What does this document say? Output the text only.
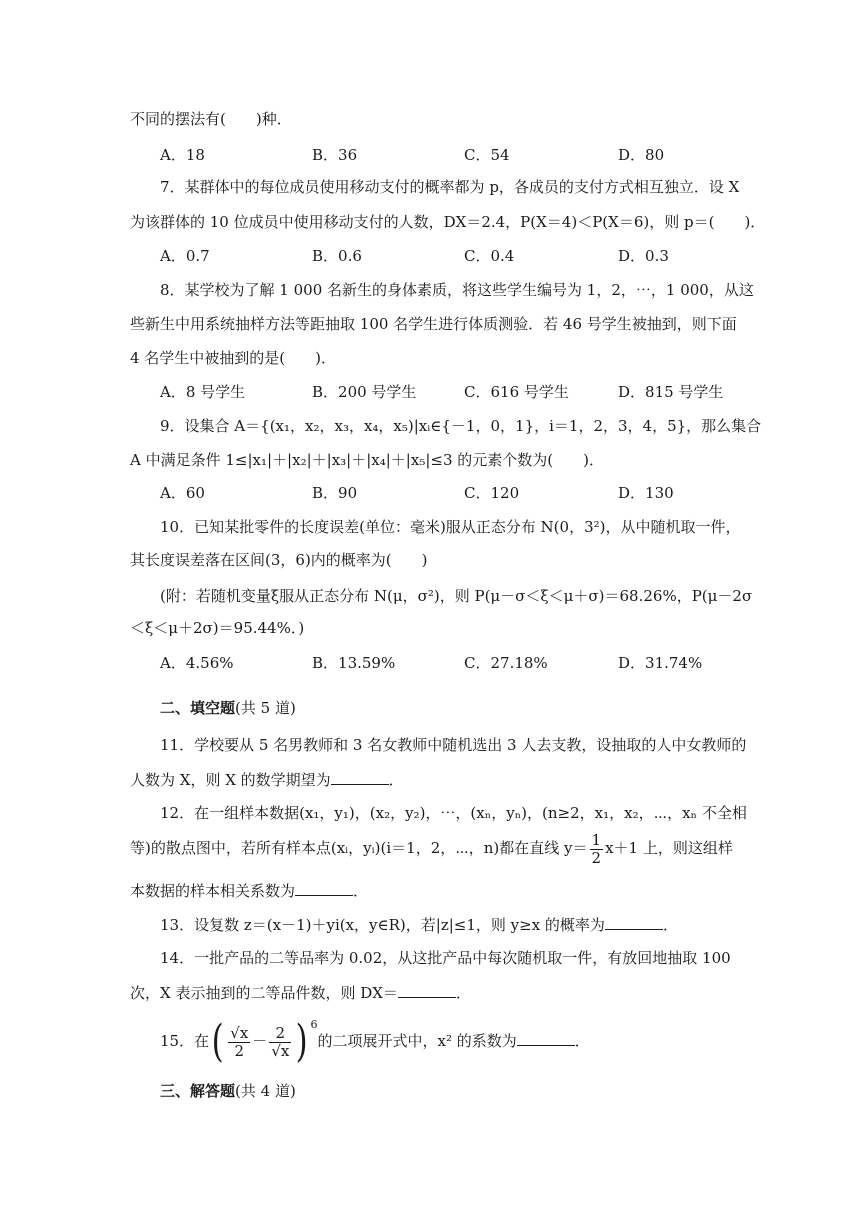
不同的摆法有(　　)种．
A．18	B．36	C．54	D．80
7．某群体中的每位成员使用移动支付的概率都为 p，各成员的支付方式相互独立．设 X
为该群体的 10 位成员中使用移动支付的人数，DX＝2.4，P(X＝4)＜P(X＝6)，则 p＝(　　)．
A．0.7	B．0.6	C．0.4	D．0.3
8．某学校为了解 1 000 名新生的身体素质，将这些学生编号为 1，2，⋯，1 000，从这
些新生中用系统抽样方法等距抽取 100 名学生进行体质测验．若 46 号学生被抽到，则下面
4 名学生中被抽到的是(　　)．
A．8 号学生	B．200 号学生	C．616 号学生	D．815 号学生
9．设集合 A＝{(x₁，x₂，x₃，x₄，x₅)|xᵢ∈{－1，0，1}，i＝1，2，3，4，5}，那么集合
A 中满足条件 1≤|x₁|＋|x₂|＋|x₃|＋|x₄|＋|x₅|≤3 的元素个数为(　　)．
A．60	B．90	C．120	D．130
10．已知某批零件的长度误差(单位：毫米)服从正态分布 N(0，3²)，从中随机取一件，
其长度误差落在区间(3，6)内的概率为(　　)
(附：若随机变量ξ服从正态分布 N(μ，σ²)，则 P(μ－σ＜ξ＜μ＋σ)＝68.26%，P(μ－2σ
＜ξ＜μ＋2σ)＝95.44%．)
A．4.56%	B．13.59%	C．27.18%	D．31.74%
二、填空题(共 5 道)
11．学校要从 5 名男教师和 3 名女教师中随机选出 3 人去支教，设抽取的人中女教师的
人数为 X，则 X 的数学期望为	．
12．在一组样本数据(x₁，y₁)，(x₂，y₂)，⋯，(xₙ，yₙ)，(n≥2，x₁，x₂，⋯，xₙ 不全相
等)的散点图中，若所有样本点(xᵢ，yᵢ)(i＝1，2，⋯，n)都在直线 $y= \frac{1}{2} x+1$ 上，则这组样
本数据的样本相关系数为	．
13．设复数 z＝(x－1)＋yi(x，y∈R)，若|z|≤1，则 y≥x 的概率为	．
14．一批产品的二等品率为 0.02，从这批产品中每次随机取一件，有放回地抽取 100
次，X 表示抽到的二等品件数，则 DX＝	．
15．在( $\frac{√x}{2} - \frac{2}{√x}$ ) $^6$的二项展开式中，x² 的系数为	．
三、解答题(共 4 道)
